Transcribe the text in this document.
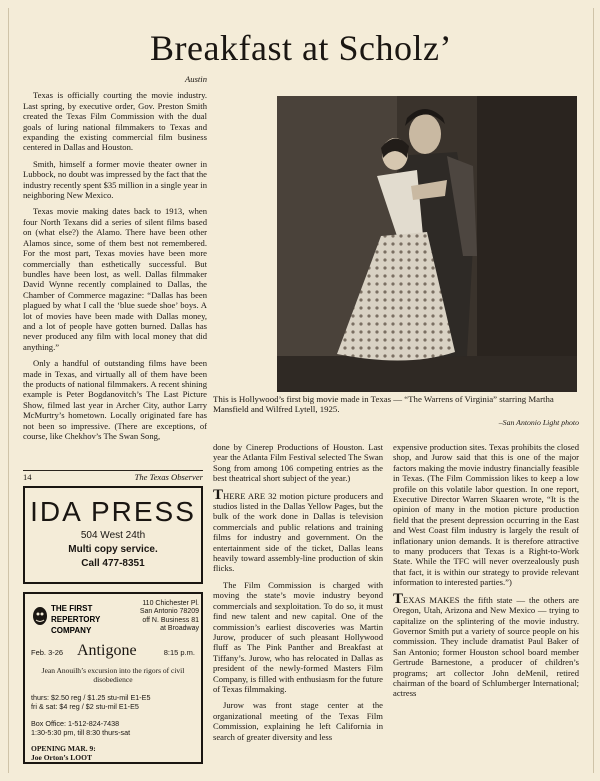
Breakfast at Scholz’

Austin

Texas is officially courting the movie industry. Last spring, by executive order, Gov. Preston Smith created the Texas Film Commission with the dual goals of luring national filmmakers to Texas and expanding the existing commercial film business centered in Dallas and Houston.

Smith, himself a former movie theater owner in Lubbock, no doubt was impressed by the fact that the industry recently spent $35 million in a single year in neighboring New Mexico.

Texas movie making dates back to 1913, when four North Texans did a series of silent films based on (what else?) the Alamo. There have been other Alamos since, some of them best not remembered. For the most part, Texas movies have been more commercially than esthetically successful. But bundles have been lost, as well. Dallas filmmaker David Wynne recently complained to Dallas, the Chamber of Commerce magazine: “Dallas has been plagued by what I call the ‘blue suede shoe’ boys. A lot of movies have been made with Dallas money, and a lot of people have gotten burned. Dallas has never produced any film with local money that did anything.”

Only a handful of outstanding films have been made in Texas, and virtually all of them have been the products of national filmmakers. A recent shining example is Peter Bogdanovitch’s The Last Picture Show, filmed last year in Archer City, author Larry McMurtry’s hometown. Locally originated fare has not been so impressive. (There are exceptions, of course, like Chekhov’s The Swan Song,

This is Hollywood’s first big movie made in Texas — “The Warrens of Virginia” starring Martha Mansfield and Wilfred Lytell, 1925.
–San Antonio Light photo

done by Cinerep Productions of Houston. Last year the Atlanta Film Festival selected The Swan Song from among 106 competing entries as the best theatrical short subject of the year.)

THERE ARE 32 motion picture producers and studios listed in the Dallas Yellow Pages, but the bulk of the work done in Dallas is television commercials and public relations and training films for industry and government. On the entertainment side of the ticket, Dallas leans heavily toward assembly-line production of skin flicks.

The Film Commission is charged with moving the state’s movie industry beyond commercials and sexploitation. To do so, it must find new talent and new capital. One of the commission’s earliest discoveries was Martin Jurow, producer of such pleasant Hollywood fluff as The Pink Panther and Breakfast at Tiffany’s. Jurow, who has relocated in Dallas as president of the newly-formed Masters Film Company, is filled with enthusiasm for the future of Texas filmmaking.

Jurow was front stage center at the organizational meeting of the Texas Film Commission, explaining he left California in search of greater diversity and less

expensive production sites. Texas prohibits the closed shop, and Jurow said that this is one of the major factors making the movie industry financially feasible in Texas. (The Film Commission likes to keep a low profile on this volatile labor question. In one report, Executive Director Warren Skaaren wrote, “It is the opinion of many in the motion picture production field that the present depression occurring in the East and West Coast film industry is largely the result of inflationary union demands. It is therefore attractive to many producers that Texas is a Right-to-Work State. While the TFC will never overzealously push that fact, it is within our strategy to provide relevant information to interested parties.”)

TEXAS MAKES the fifth state — the others are Oregon, Utah, Arizona and New Mexico — trying to capitalize on the splintering of the movie industry. Governor Smith put a variety of source people on his commission. They include dramatist Paul Baker of San Antonio; former Houston school board member Gertrude Barnestone, a producer of children’s programs; art collector John deMenil, retired chairman of the board of Schlumberger International; actress

14	The Texas Observer
IDA PRESS
504 West 24th
Multi copy service.
Call 477-8351
THE FIRST
REPERTORY
COMPANY
110 Chichester Pl.
San Antonio 78209
off N. Business 81
at Broadway
Feb. 3-26 Antigone	8:15 p.m.
Jean Anouilh’s excursion into the rigors of civil disobedience
thurs: $2.50 reg / $1.25 stu-mil E1-E5
fri & sat: $4 reg / $2 stu-mil E1-E5
Box Office: 1-512-824-7438
1:30-5:30 pm, till 8:30 thurs-sat
OPENING MAR. 9:
Joe Orton’s LOOT
